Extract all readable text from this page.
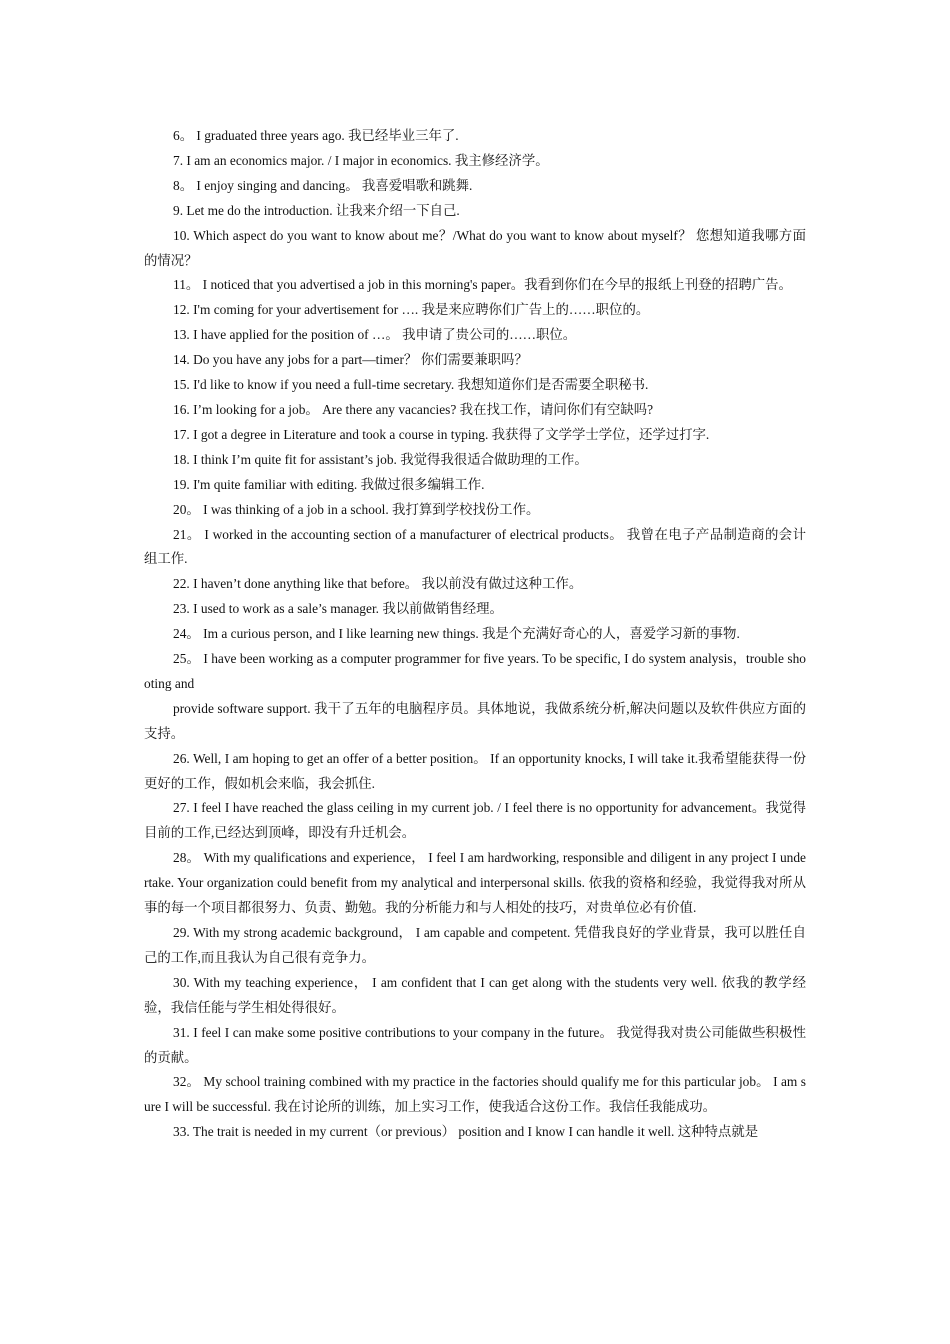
6。 I graduated three years ago. 我已经毕业三年了.

7. I am an economics major. / I major in economics. 我主修经济学。

8。 I enjoy singing and dancing。 我喜爱唱歌和跳舞.

9. Let me do the introduction. 让我来介绍一下自己.

10. Which aspect do you want to know about me？/What do you want to know about myself？ 您想知道我哪方面的情况？

11。 I noticed that you advertised a job in this morning's paper。我看到你们在今早的报纸上刊登的招聘广告。

12. I'm coming for your advertisement for …. 我是来应聘你们广告上的……职位的。

13. I have applied for the position of …。 我申请了贵公司的……职位。

14. Do you have any jobs for a part—timer？ 你们需要兼职吗？

15. I'd like to know if you need a full-time secretary. 我想知道你们是否需要全职秘书.

16. I’m looking for a job。 Are there any vacancies? 我在找工作，请问你们有空缺吗?

17. I got a degree in Literature and took a course in typing. 我获得了文学学士学位，还学过打字.

18. I think I’m quite fit for assistant’s job. 我觉得我很适合做助理的工作。

19. I'm quite familiar with editing. 我做过很多编辑工作.

20。 I was thinking of a job in a school. 我打算到学校找份工作。

21。 I worked in the accounting section of a manufacturer of electrical products。 我曾在电子产品制造商的会计组工作.

22. I haven’t done anything like that before。 我以前没有做过这种工作。

23. I used to work as a sale’s manager. 我以前做销售经理。

24。 Im a curious person, and I like learning new things. 我是个充满好奇心的人，喜爱学习新的事物.

25。 I have been working as a computer programmer for five years. To be specific, I do system analysis，trouble shooting and

provide software support. 我干了五年的电脑程序员。具体地说，我做系统分析,解决问题以及软件供应方面的支持。

26. Well, I am hoping to get an offer of a better position。 If an opportunity knocks, I will take it.我希望能获得一份更好的工作，假如机会来临，我会抓住.

27. I feel I have reached the glass ceiling in my current job. / I feel there is no opportunity for advancement。我觉得目前的工作,已经达到顶峰，即没有升迁机会。

28。 With my qualifications and experience， I feel I am hardworking, responsible and diligent in any project I undertake. Your organization could benefit from my analytical and interpersonal skills. 依我的资格和经验，我觉得我对所从事的每一个项目都很努力、负责、勤勉。我的分析能力和与人相处的技巧，对贵单位必有价值.

29. With my strong academic background， I am capable and competent. 凭借我良好的学业背景，我可以胜任自己的工作,而且我认为自己很有竞争力。

30. With my teaching experience， I am confident that I can get along with the students very well. 依我的教学经验，我信任能与学生相处得很好。

31. I feel I can make some positive contributions to your company in the future。 我觉得我对贵公司能做些积极性的贡献。

32。 My school training combined with my practice in the factories should qualify me for this particular job。 I am sure I will be successful. 我在讨论所的训练，加上实习工作，使我适合这份工作。我信任我能成功。

33. The trait is needed in my current（or previous） position and I know I can handle it well. 这种特点就是
